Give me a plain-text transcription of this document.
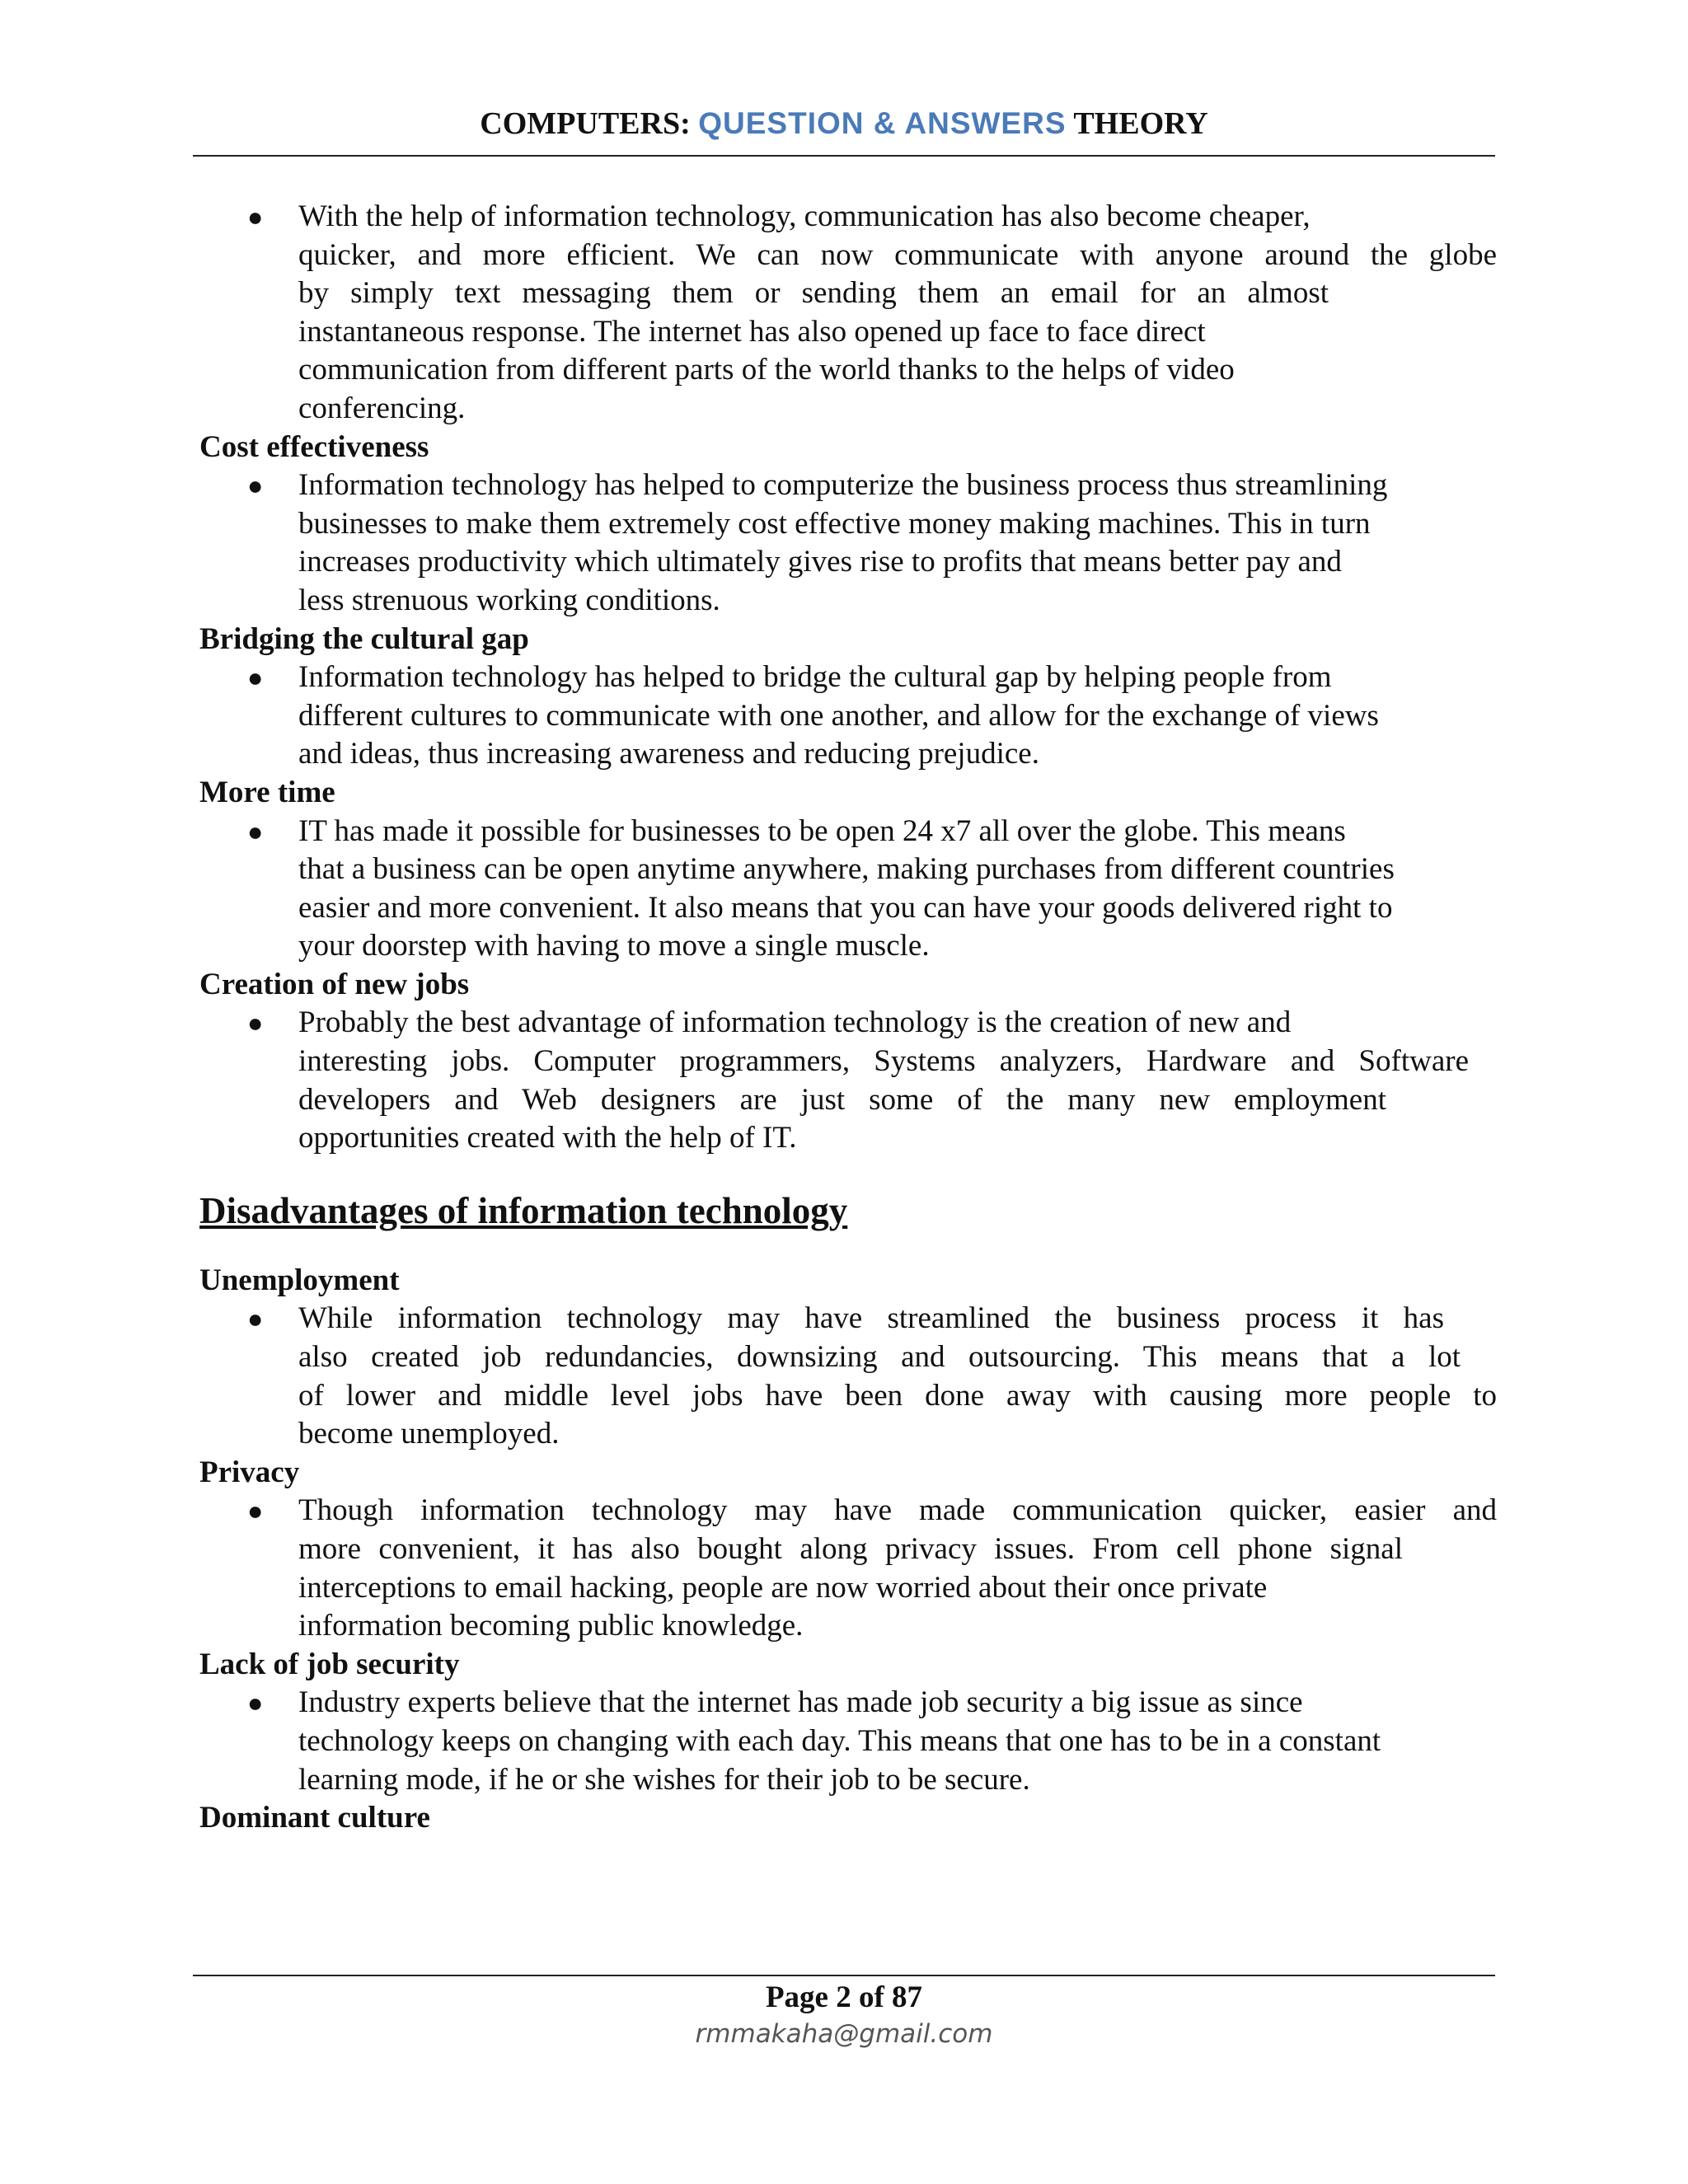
COMPUTERS: QUESTION & ANSWERS THEORY
● With the help of information technology, communication has also become cheaper,

quicker, and more efficient. We can now communicate with anyone around the globe

by simply text messaging them or sending them an email for an almost

instantaneous response. The internet has also opened up face to face direct

communication from different parts of the world thanks to the helps of video

conferencing.

Cost effectiveness

● Information technology has helped to computerize the business process thus streamlining

businesses to make them extremely cost effective money making machines. This in turn

increases productivity which ultimately gives rise to profits that means better pay and

less strenuous working conditions.

Bridging the cultural gap

● Information technology has helped to bridge the cultural gap by helping people from

different cultures to communicate with one another, and allow for the exchange of views

and ideas, thus increasing awareness and reducing prejudice.

More time

● IT has made it possible for businesses to be open 24 x7 all over the globe. This means

that a business can be open anytime anywhere, making purchases from different countries

easier and more convenient. It also means that you can have your goods delivered right to

your doorstep with having to move a single muscle.

Creation of new jobs

● Probably the best advantage of information technology is the creation of new and

interesting jobs. Computer programmers, Systems analyzers, Hardware and Software

developers and Web designers are just some of the many new employment

opportunities created with the help of IT.

Disadvantages of information technology

Unemployment

● While information technology may have streamlined the business process it has

also created job redundancies, downsizing and outsourcing. This means that a lot

of lower and middle level jobs have been done away with causing more people to

become unemployed.

Privacy

● Though information technology may have made communication quicker, easier and

more convenient, it has also bought along privacy issues. From cell phone signal

interceptions to email hacking, people are now worried about their once private

information becoming public knowledge.

Lack of job security

● Industry experts believe that the internet has made job security a big issue as since

technology keeps on changing with each day. This means that one has to be in a constant

learning mode, if he or she wishes for their job to be secure.

Dominant culture

Page 2 of 87
rmmakaha@gmail.com
